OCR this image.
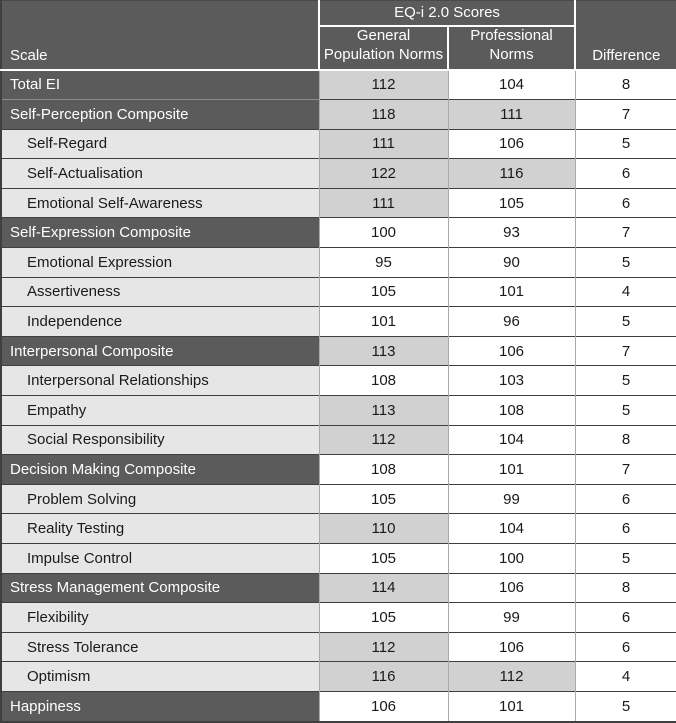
Scale	EQ-i 2.0 Scores		Difference
	General Population Norms	Professional Norms	
Total EI	112	104	8
Self-Perception Composite	118	111	7
Self-Regard	111	106	5
Self-Actualisation	122	116	6
Emotional Self-Awareness	111	105	6
Self-Expression Composite	100	93	7
Emotional Expression	95	90	5
Assertiveness	105	101	4
Independence	101	96	5
Interpersonal Composite	113	106	7
Interpersonal Relationships	108	103	5
Empathy	113	108	5
Social Responsibility	112	104	8
Decision Making Composite	108	101	7
Problem Solving	105	99	6
Reality Testing	110	104	6
Impulse Control	105	100	5
Stress Management Composite	114	106	8
Flexibility	105	99	6
Stress Tolerance	112	106	6
Optimism	116	112	4
Happiness	106	101	5
